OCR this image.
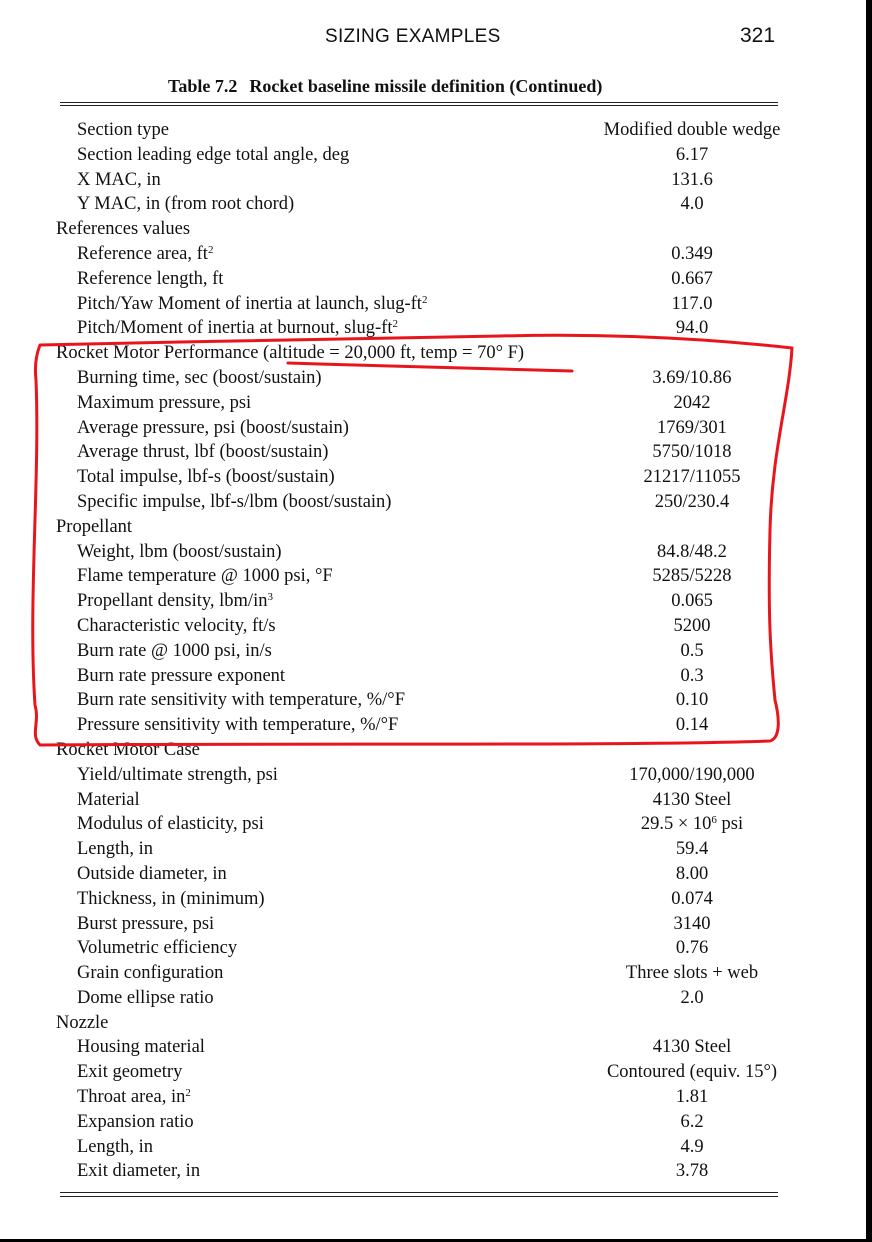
SIZING EXAMPLES	321
Table 7.2 Rocket baseline missile definition (Continued)
Section type	Modified double wedge
Section leading edge total angle, deg	6.17
X MAC, in	131.6
Y MAC, in (from root chord)	4.0
References values
Reference area, $ft^2$	0.349
Reference length, ft	0.667
Pitch/Yaw Moment of inertia at launch, slug-$ft^2$	117.0
Pitch/Moment of inertia at burnout, slug-$ft^2$	94.0
Rocket Motor Performance (altitude = 20,000 ft, temp = 70° F)
Burning time, sec (boost/sustain)	3.69/10.86
Maximum pressure, psi	2042
Average pressure, psi (boost/sustain)	1769/301
Average thrust, lbf (boost/sustain)	5750/1018
Total impulse, lbf-s (boost/sustain)	21217/11055
Specific impulse, lbf-s/lbm (boost/sustain)	250/230.4
Propellant
Weight, lbm (boost/sustain)	84.8/48.2
Flame temperature @ 1000 psi, °F	5285/5228
Propellant density, lbm/$in^3$	0.065
Characteristic velocity, ft/s	5200
Burn rate @ 1000 psi, in/s	0.5
Burn rate pressure exponent	0.3
Burn rate sensitivity with temperature, %/°F	0.10
Pressure sensitivity with temperature, %/°F	0.14
Rocket Motor Case
Yield/ultimate strength, psi	170,000/190,000
Material	4130 Steel
Modulus of elasticity, psi	$29.5 \times 10^6$ psi
Length, in	59.4
Outside diameter, in	8.00
Thickness, in (minimum)	0.074
Burst pressure, psi	3140
Volumetric efficiency	0.76
Grain configuration	Three slots + web
Dome ellipse ratio	2.0
Nozzle
Housing material	4130 Steel
Exit geometry	Contoured (equiv. 15°)
Throat area, $in^2$	1.81
Expansion ratio	6.2
Length, in	4.9
Exit diameter, in	3.78
